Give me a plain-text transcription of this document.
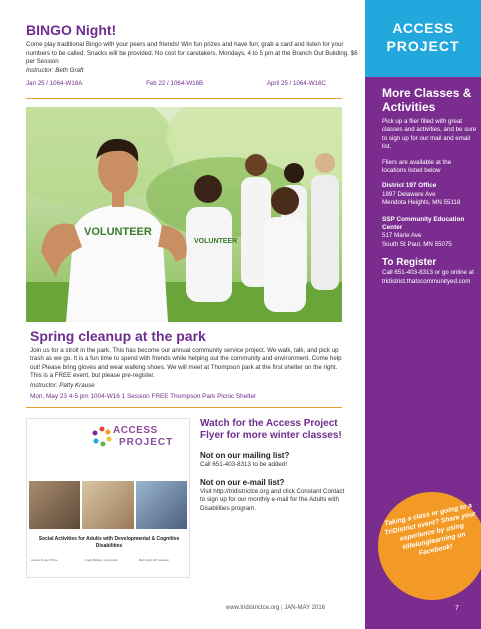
BINGO Night!

Come play traditional Bingo with your peers and friends! Win fun prizes and have fun; grab a card and listen for your numbers to be called. Snacks will be provided. No cost for caretakers. Mondays, 4 to 5 pm at the Branch Out Building. $6 per Session

Instructor: Beth Graft

Jan 25 / 1064-W16A	Feb 22 / 1064-W16B	April 25 / 1064-W16C
VOLUNTEER
VOLUNTEER
Spring cleanup at the park

Join us for a stroll in the park. This has become our annual community service project. We walk, talk, and pick up trash as we go. It is a fun time to spend with friends while helping out the community and environment. Come help out! Please bring gloves and wear walking shoes. We will meet at Thompson park at the first shelter on the right. This is a FREE event, but please pre-register.

Instructor: Patty Krause

Mon, May 23 4-5 pm 1004-W16 1 Session FREE Thompson Park Picnic Shelter

ACCESS
PROJECT
Social Activities for Adults with Developmental & Cognitive Disabilities
Access Project Office	Angie Barkley, Coordinator	Beth Graft, AP Assistant
Watch for the Access Project Flyer for more winter classes!
Not on our mailing list?

Call 651-403-8313 to be added!

Not on our e-mail list?

Visit http://tridistrictce.org and click Constant Contact to sign up for our monthly e-mail for the Adults with Disabilities program.

www.tridistrictce.org | JAN-MAY 2016
ACCESS
PROJECT
More Classes & Activities

Pick up a flier filled with great classes and activities, and be sure to sign up for our mail and email list.

Fliers are available at the locations listed below

District 197 Office
1897 Delaware Ave
Mendota Heights, MN 55118
SSP Community Education Center
517 Marie Ave
South St Paul, MN 55075
To Register

Call 651-403-8313 or go online at tridistrict.thatscommunityed.com

Taking a class or going to a TriDistrict event? Share your experience by using #lifelonglearning on Facebook!
7
